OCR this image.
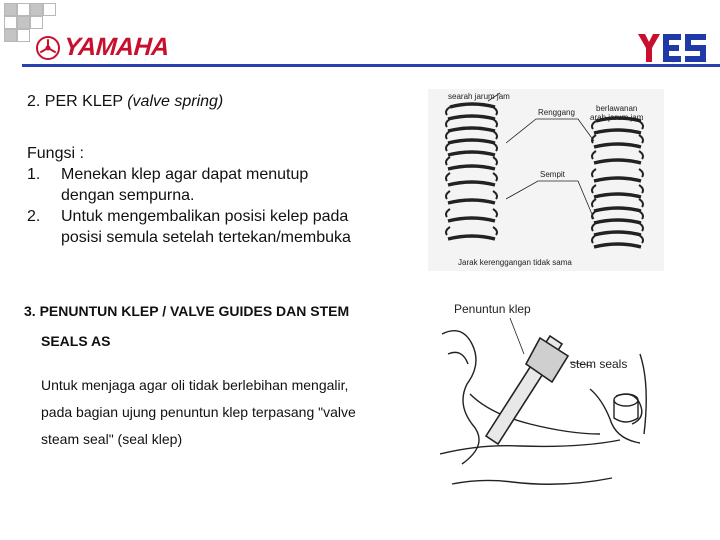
YAMAHA
2. PER KLEP (valve spring)
Fungsi :
1.	Menekan klep agar dapat menutup
dengan sempurna.
2.	Untuk mengembalikan posisi kelep pada
posisi semula setelah tertekan/membuka
searah jarum jam
Renggang	berlawanan
arah jarum jam
Sempit
Jarak kerenggangan tidak sama
3. PENUNTUN KLEP / VALVE GUIDES DAN STEM
SEALS AS
Untuk menjaga agar oli tidak berlebihan mengalir,
pada bagian ujung penuntun klep terpasang "valve
steam seal" (seal klep)
Penuntun klep
stem seals
